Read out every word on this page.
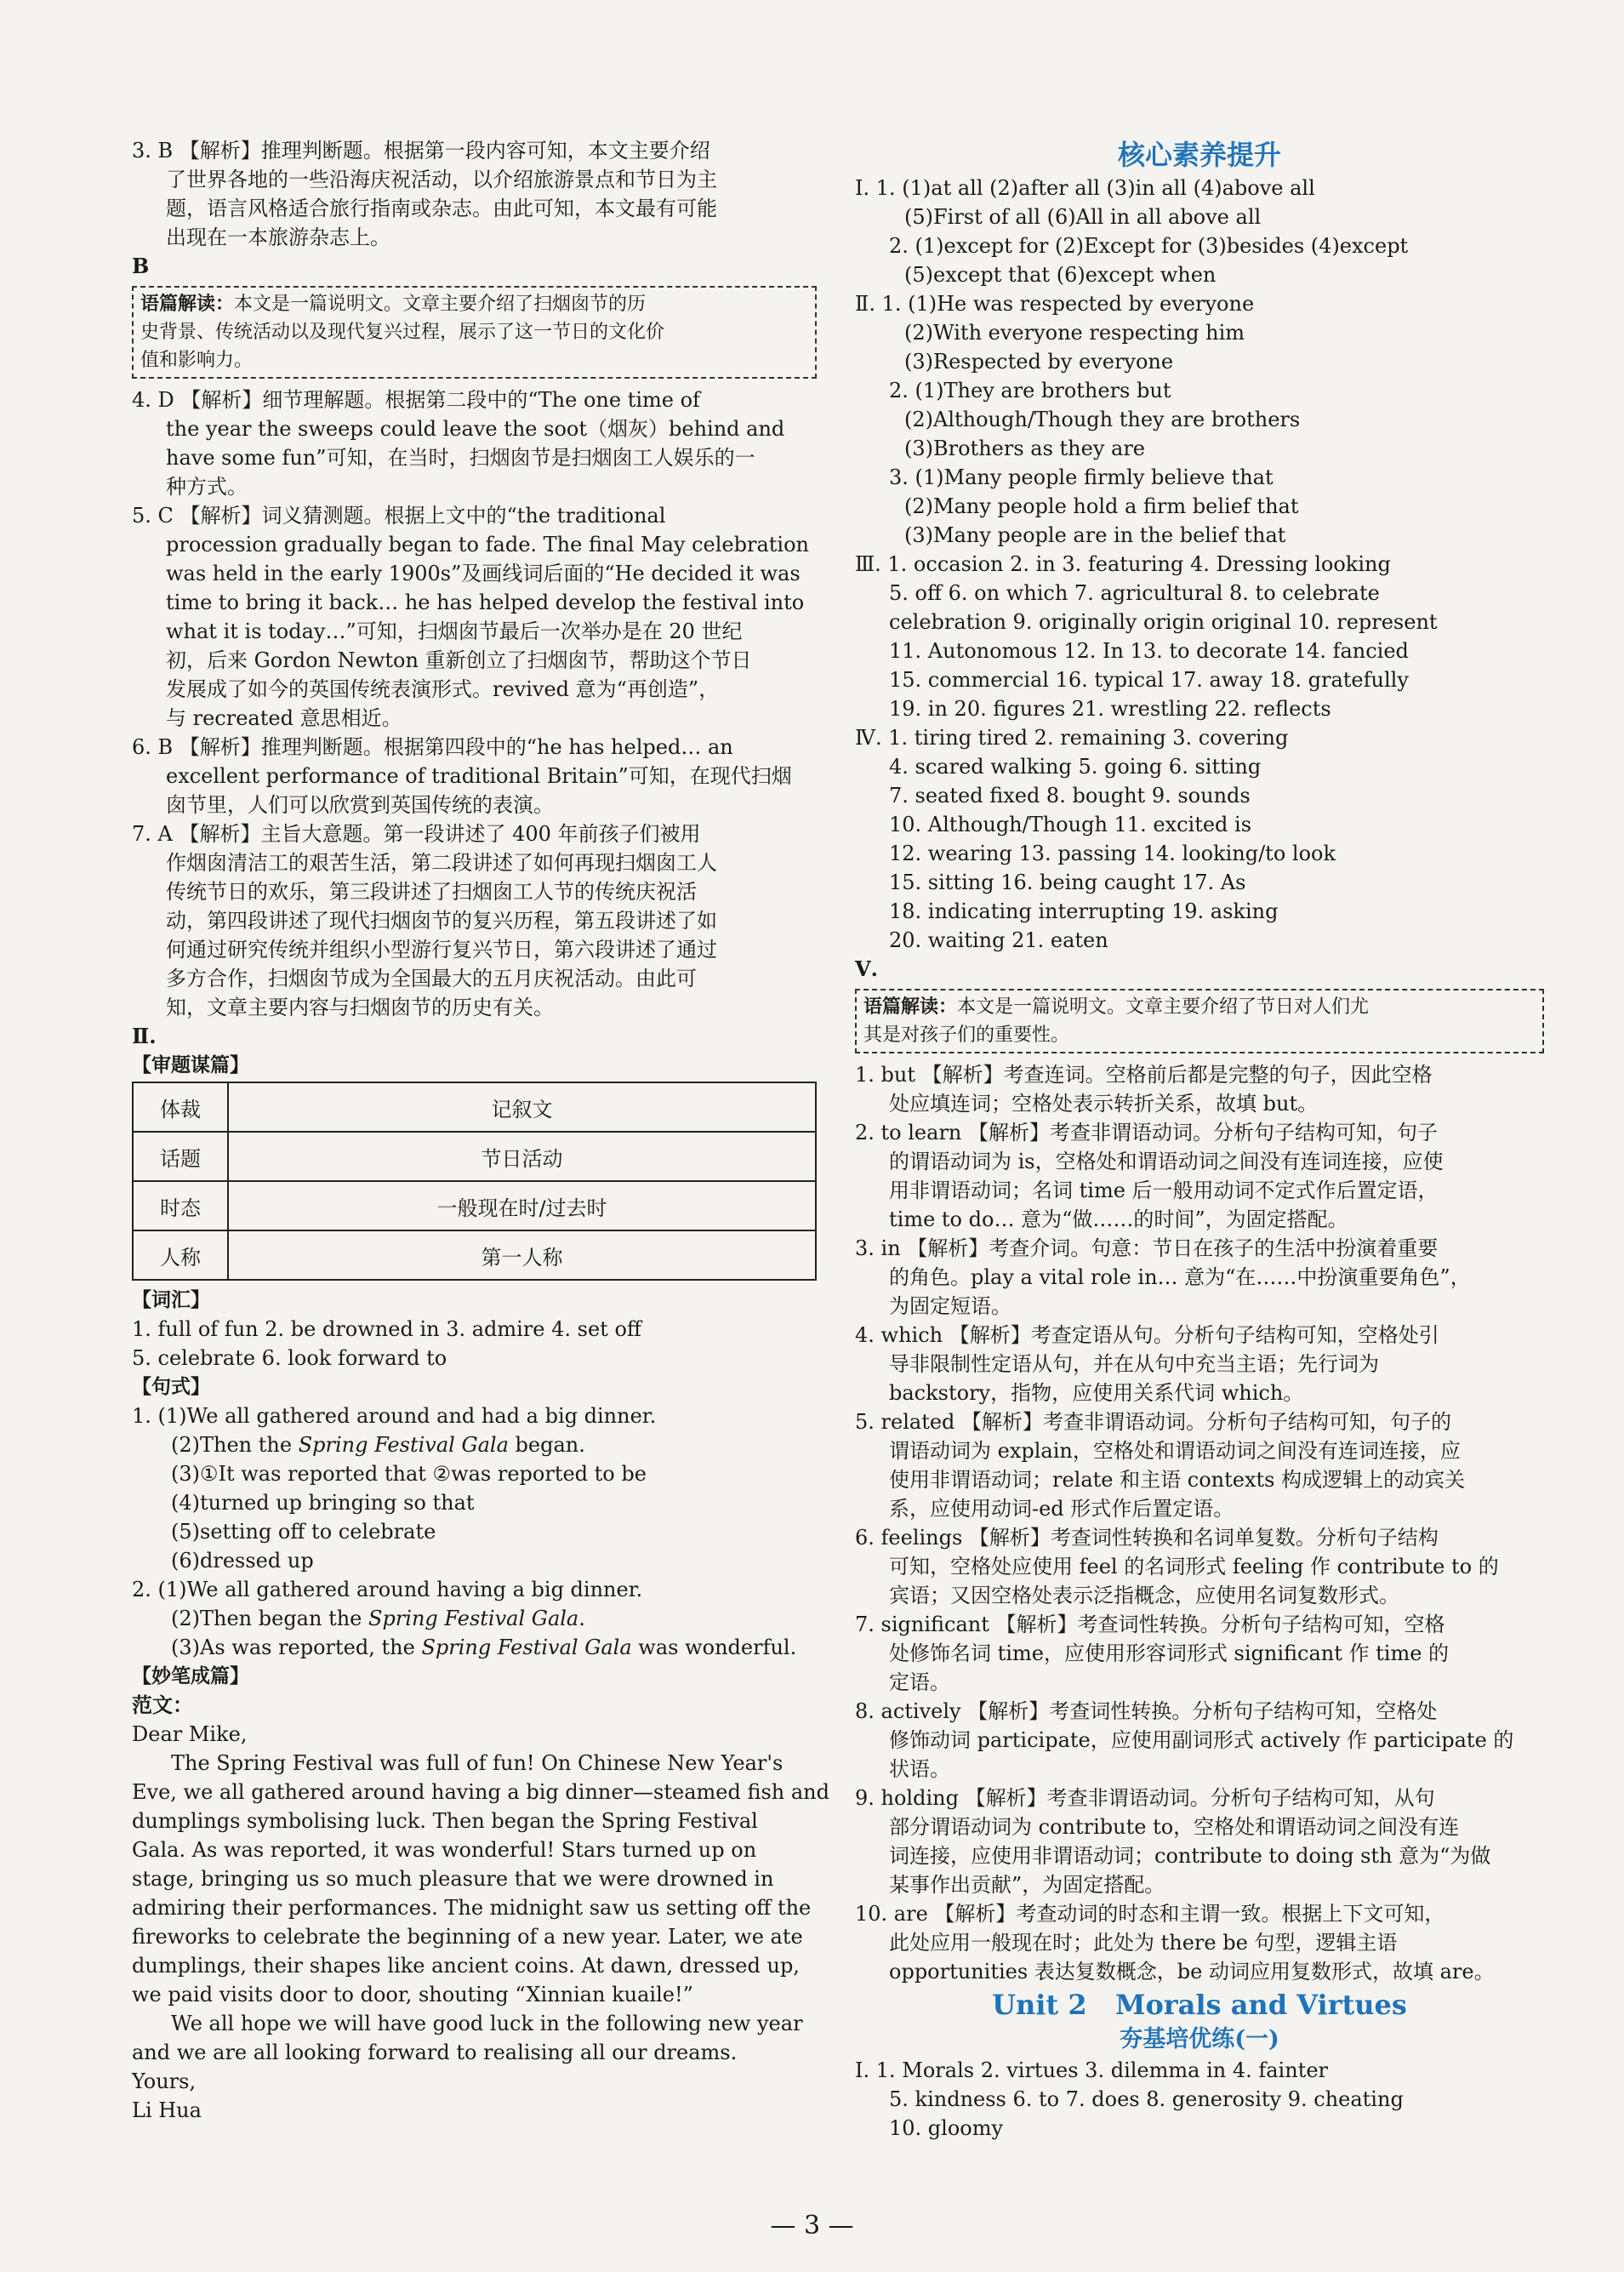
3. B 【解析】推理判断题。根据第一段内容可知，本文主要介绍
了世界各地的一些沿海庆祝活动，以介绍旅游景点和节日为主
题，语言风格适合旅行指南或杂志。由此可知，本文最有可能
出现在一本旅游杂志上。
B
语篇解读：本文是一篇说明文。文章主要介绍了扫烟囱节的历
史背景、传统活动以及现代复兴过程，展示了这一节日的文化价
值和影响力。
4. D 【解析】细节理解题。根据第二段中的“The one time of
the year the sweeps could leave the soot（烟灰）behind and
have some fun”可知，在当时，扫烟囱节是扫烟囱工人娱乐的一
种方式。
5. C 【解析】词义猜测题。根据上文中的“the traditional
procession gradually began to fade. The final May celebration
was held in the early 1900s”及画线词后面的“He decided it was
time to bring it back… he has helped develop the festival into
what it is today…”可知，扫烟囱节最后一次举办是在 20 世纪
初，后来 Gordon Newton 重新创立了扫烟囱节，帮助这个节日
发展成了如今的英国传统表演形式。revived 意为“再创造”，
与 recreated 意思相近。
6. B 【解析】推理判断题。根据第四段中的“he has helped… an
excellent performance of traditional Britain”可知，在现代扫烟
囱节里，人们可以欣赏到英国传统的表演。
7. A 【解析】主旨大意题。第一段讲述了 400 年前孩子们被用
作烟囱清洁工的艰苦生活，第二段讲述了如何再现扫烟囱工人
传统节日的欢乐，第三段讲述了扫烟囱工人节的传统庆祝活
动，第四段讲述了现代扫烟囱节的复兴历程，第五段讲述了如
何通过研究传统并组织小型游行复兴节日，第六段讲述了通过
多方合作，扫烟囱节成为全国最大的五月庆祝活动。由此可
知，文章主要内容与扫烟囱节的历史有关。
Ⅱ.
【审题谋篇】
体裁	记叙文
话题	节日活动
时态	一般现在时/过去时
人称	第一人称
【词汇】
1. full of fun 2. be drowned in 3. admire 4. set off
5. celebrate 6. look forward to
【句式】
1. (1)We all gathered around and had a big dinner.
(2)Then the Spring Festival Gala began.
(3)①It was reported that ②was reported to be
(4)turned up bringing so that
(5)setting off to celebrate
(6)dressed up
2. (1)We all gathered around having a big dinner.
(2)Then began the Spring Festival Gala.
(3)As was reported, the Spring Festival Gala was wonderful.
【妙笔成篇】
范文：
Dear Mike,
The Spring Festival was full of fun! On Chinese New Year's
Eve, we all gathered around having a big dinner—steamed fish and
dumplings symbolising luck. Then began the Spring Festival
Gala. As was reported, it was wonderful! Stars turned up on
stage, bringing us so much pleasure that we were drowned in
admiring their performances. The midnight saw us setting off the
fireworks to celebrate the beginning of a new year. Later, we ate
dumplings, their shapes like ancient coins. At dawn, dressed up,
we paid visits door to door, shouting “Xinnian kuaile!”
We all hope we will have good luck in the following new year
and we are all looking forward to realising all our dreams.
Yours,
Li Hua
核心素养提升
Ⅰ. 1. (1)at all (2)after all (3)in all (4)above all
(5)First of all (6)All in all above all
2. (1)except for (2)Except for (3)besides (4)except
(5)except that (6)except when
Ⅱ. 1. (1)He was respected by everyone
(2)With everyone respecting him
(3)Respected by everyone
2. (1)They are brothers but
(2)Although/Though they are brothers
(3)Brothers as they are
3. (1)Many people firmly believe that
(2)Many people hold a firm belief that
(3)Many people are in the belief that
Ⅲ. 1. occasion 2. in 3. featuring 4. Dressing looking
5. off 6. on which 7. agricultural 8. to celebrate
celebration 9. originally origin original 10. represent
11. Autonomous 12. In 13. to decorate 14. fancied
15. commercial 16. typical 17. away 18. gratefully
19. in 20. figures 21. wrestling 22. reflects
Ⅳ. 1. tiring tired 2. remaining 3. covering
4. scared walking 5. going 6. sitting
7. seated fixed 8. bought 9. sounds
10. Although/Though 11. excited is
12. wearing 13. passing 14. looking/to look
15. sitting 16. being caught 17. As
18. indicating interrupting 19. asking
20. waiting 21. eaten
Ⅴ.
语篇解读：本文是一篇说明文。文章主要介绍了节日对人们尤
其是对孩子们的重要性。
1. but 【解析】考查连词。空格前后都是完整的句子，因此空格
处应填连词；空格处表示转折关系，故填 but。
2. to learn 【解析】考查非谓语动词。分析句子结构可知，句子
的谓语动词为 is，空格处和谓语动词之间没有连词连接，应使
用非谓语动词；名词 time 后一般用动词不定式作后置定语，
time to do… 意为“做……的时间”，为固定搭配。
3. in 【解析】考查介词。句意：节日在孩子的生活中扮演着重要
的角色。play a vital role in… 意为“在……中扮演重要角色”，
为固定短语。
4. which 【解析】考查定语从句。分析句子结构可知，空格处引
导非限制性定语从句，并在从句中充当主语；先行词为
backstory，指物，应使用关系代词 which。
5. related 【解析】考查非谓语动词。分析句子结构可知，句子的
谓语动词为 explain，空格处和谓语动词之间没有连词连接，应
使用非谓语动词；relate 和主语 contexts 构成逻辑上的动宾关
系，应使用动词-ed 形式作后置定语。
6. feelings 【解析】考查词性转换和名词单复数。分析句子结构
可知，空格处应使用 feel 的名词形式 feeling 作 contribute to 的
宾语；又因空格处表示泛指概念，应使用名词复数形式。
7. significant 【解析】考查词性转换。分析句子结构可知，空格
处修饰名词 time，应使用形容词形式 significant 作 time 的
定语。
8. actively 【解析】考查词性转换。分析句子结构可知，空格处
修饰动词 participate，应使用副词形式 actively 作 participate 的
状语。
9. holding 【解析】考查非谓语动词。分析句子结构可知，从句
部分谓语动词为 contribute to，空格处和谓语动词之间没有连
词连接，应使用非谓语动词；contribute to doing sth 意为“为做
某事作出贡献”，为固定搭配。
10. are 【解析】考查动词的时态和主谓一致。根据上下文可知，
此处应用一般现在时；此处为 there be 句型，逻辑主语
opportunities 表达复数概念，be 动词应用复数形式，故填 are。
Unit 2   Morals and Virtues
夯基培优练(一)
Ⅰ. 1. Morals 2. virtues 3. dilemma in 4. fainter
5. kindness 6. to 7. does 8. generosity 9. cheating
10. gloomy
— 3 —
